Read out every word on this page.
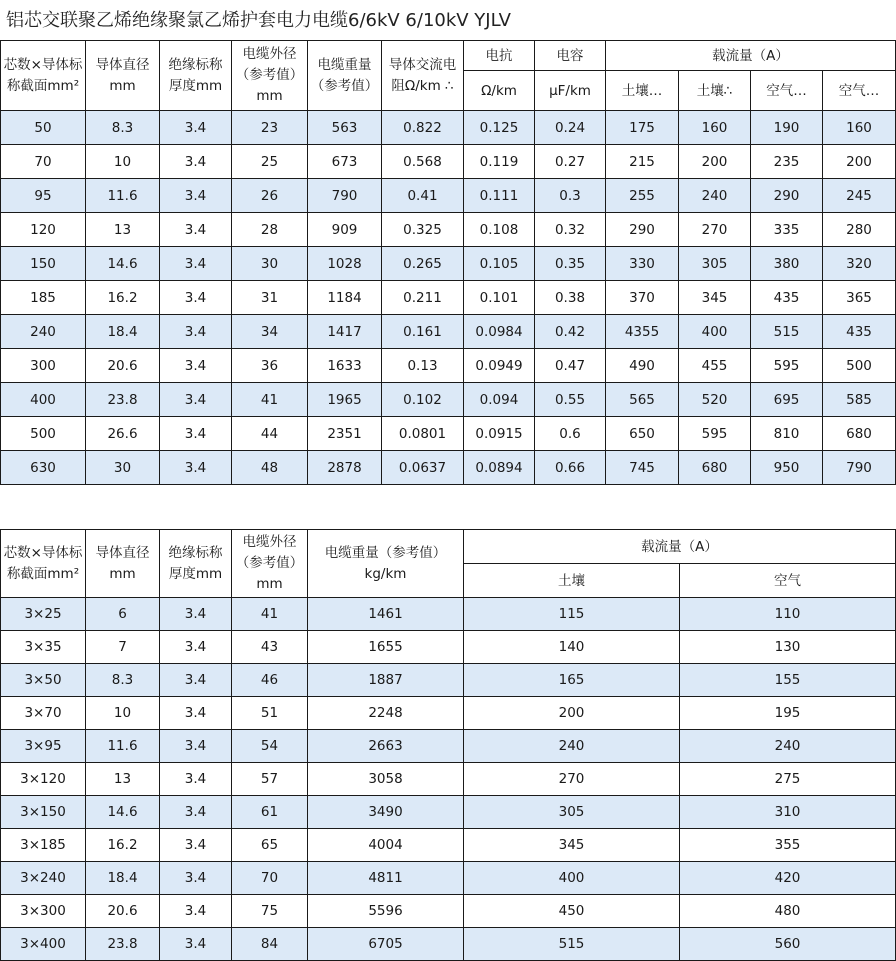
铝芯交联聚乙烯绝缘聚氯乙烯护套电力电缆6/6kV 6/10kV YJLV
芯数×导体标称截面mm²	导体直径mm	绝缘标称厚度mm	电缆外径（参考值）mm	电缆重量（参考值）	导体交流电阻Ω/km ∴	电抗	电容	载流量（A）			
						Ω/km	μF/km	土壤…	土壤∴	空气…	空气…
50	8.3	3.4	23	563	0.822	0.125	0.24	175	160	190	160
70	10	3.4	25	673	0.568	0.119	0.27	215	200	235	200
95	11.6	3.4	26	790	0.41	0.111	0.3	255	240	290	245
120	13	3.4	28	909	0.325	0.108	0.32	290	270	335	280
150	14.6	3.4	30	1028	0.265	0.105	0.35	330	305	380	320
185	16.2	3.4	31	1184	0.211	0.101	0.38	370	345	435	365
240	18.4	3.4	34	1417	0.161	0.0984	0.42	4355	400	515	435
300	20.6	3.4	36	1633	0.13	0.0949	0.47	490	455	595	500
400	23.8	3.4	41	1965	0.102	0.094	0.55	565	520	695	585
500	26.6	3.4	44	2351	0.0801	0.0915	0.6	650	595	810	680
630	30	3.4	48	2878	0.0637	0.0894	0.66	745	680	950	790
芯数×导体标称截面mm²	导体直径mm	绝缘标称厚度mm	电缆外径（参考值）mm	电缆重量（参考值）kg/km	载流量（A）	
					土壤	空气
3×25	6	3.4	41	1461	115	110
3×35	7	3.4	43	1655	140	130
3×50	8.3	3.4	46	1887	165	155
3×70	10	3.4	51	2248	200	195
3×95	11.6	3.4	54	2663	240	240
3×120	13	3.4	57	3058	270	275
3×150	14.6	3.4	61	3490	305	310
3×185	16.2	3.4	65	4004	345	355
3×240	18.4	3.4	70	4811	400	420
3×300	20.6	3.4	75	5596	450	480
3×400	23.8	3.4	84	6705	515	560
